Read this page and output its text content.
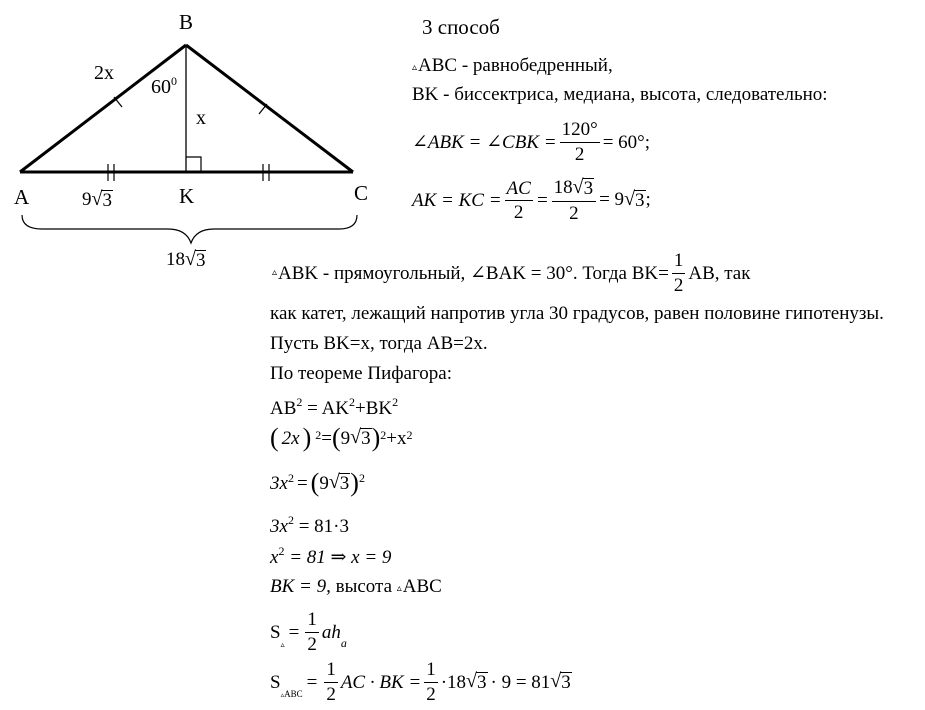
B
A	C
K
2x
$60^0$
x
9 √ 3
18 √ 3
3 способ
▵ABC - равнобедренный,
BK - биссектриса, медиана, высота, следовательно:
∠ABK = ∠CBK = $\frac{120^\circ}{2} = 60^\circ$;
AK = KC = $\frac{AC}{2} = \frac{18 √ 3}{2} = 9$ √ 3 ;
▵ ABK - прямоугольный, ∠BAK = 30°. Тогда $BK= \frac{1}{2}$ AB, так
как катет, лежащий напротив угла 30 градусов, равен половине гипотенузы.
Пусть BK=x, тогда AB=2x.
По теореме Пифагора:
$AB^2 = AK^2+BK^2$
( 2x ) 2 = ( 9 √ 3 ) 2 +x 2
$3x^2$ = ( 9 √ 3 )$^2$
$3x^2 = 81\cdot 3$
$x^2 = 81$ ⇒ x = 9
BK = 9, высота ▵ABC
S
▵
= $\frac{1}{2}$ ah a
S
▵ABC
= $\frac{1}{2}$ AC · BK = $\frac{1}{2} \cdot 18$ √ 3 · 9 = 81 √ 3
